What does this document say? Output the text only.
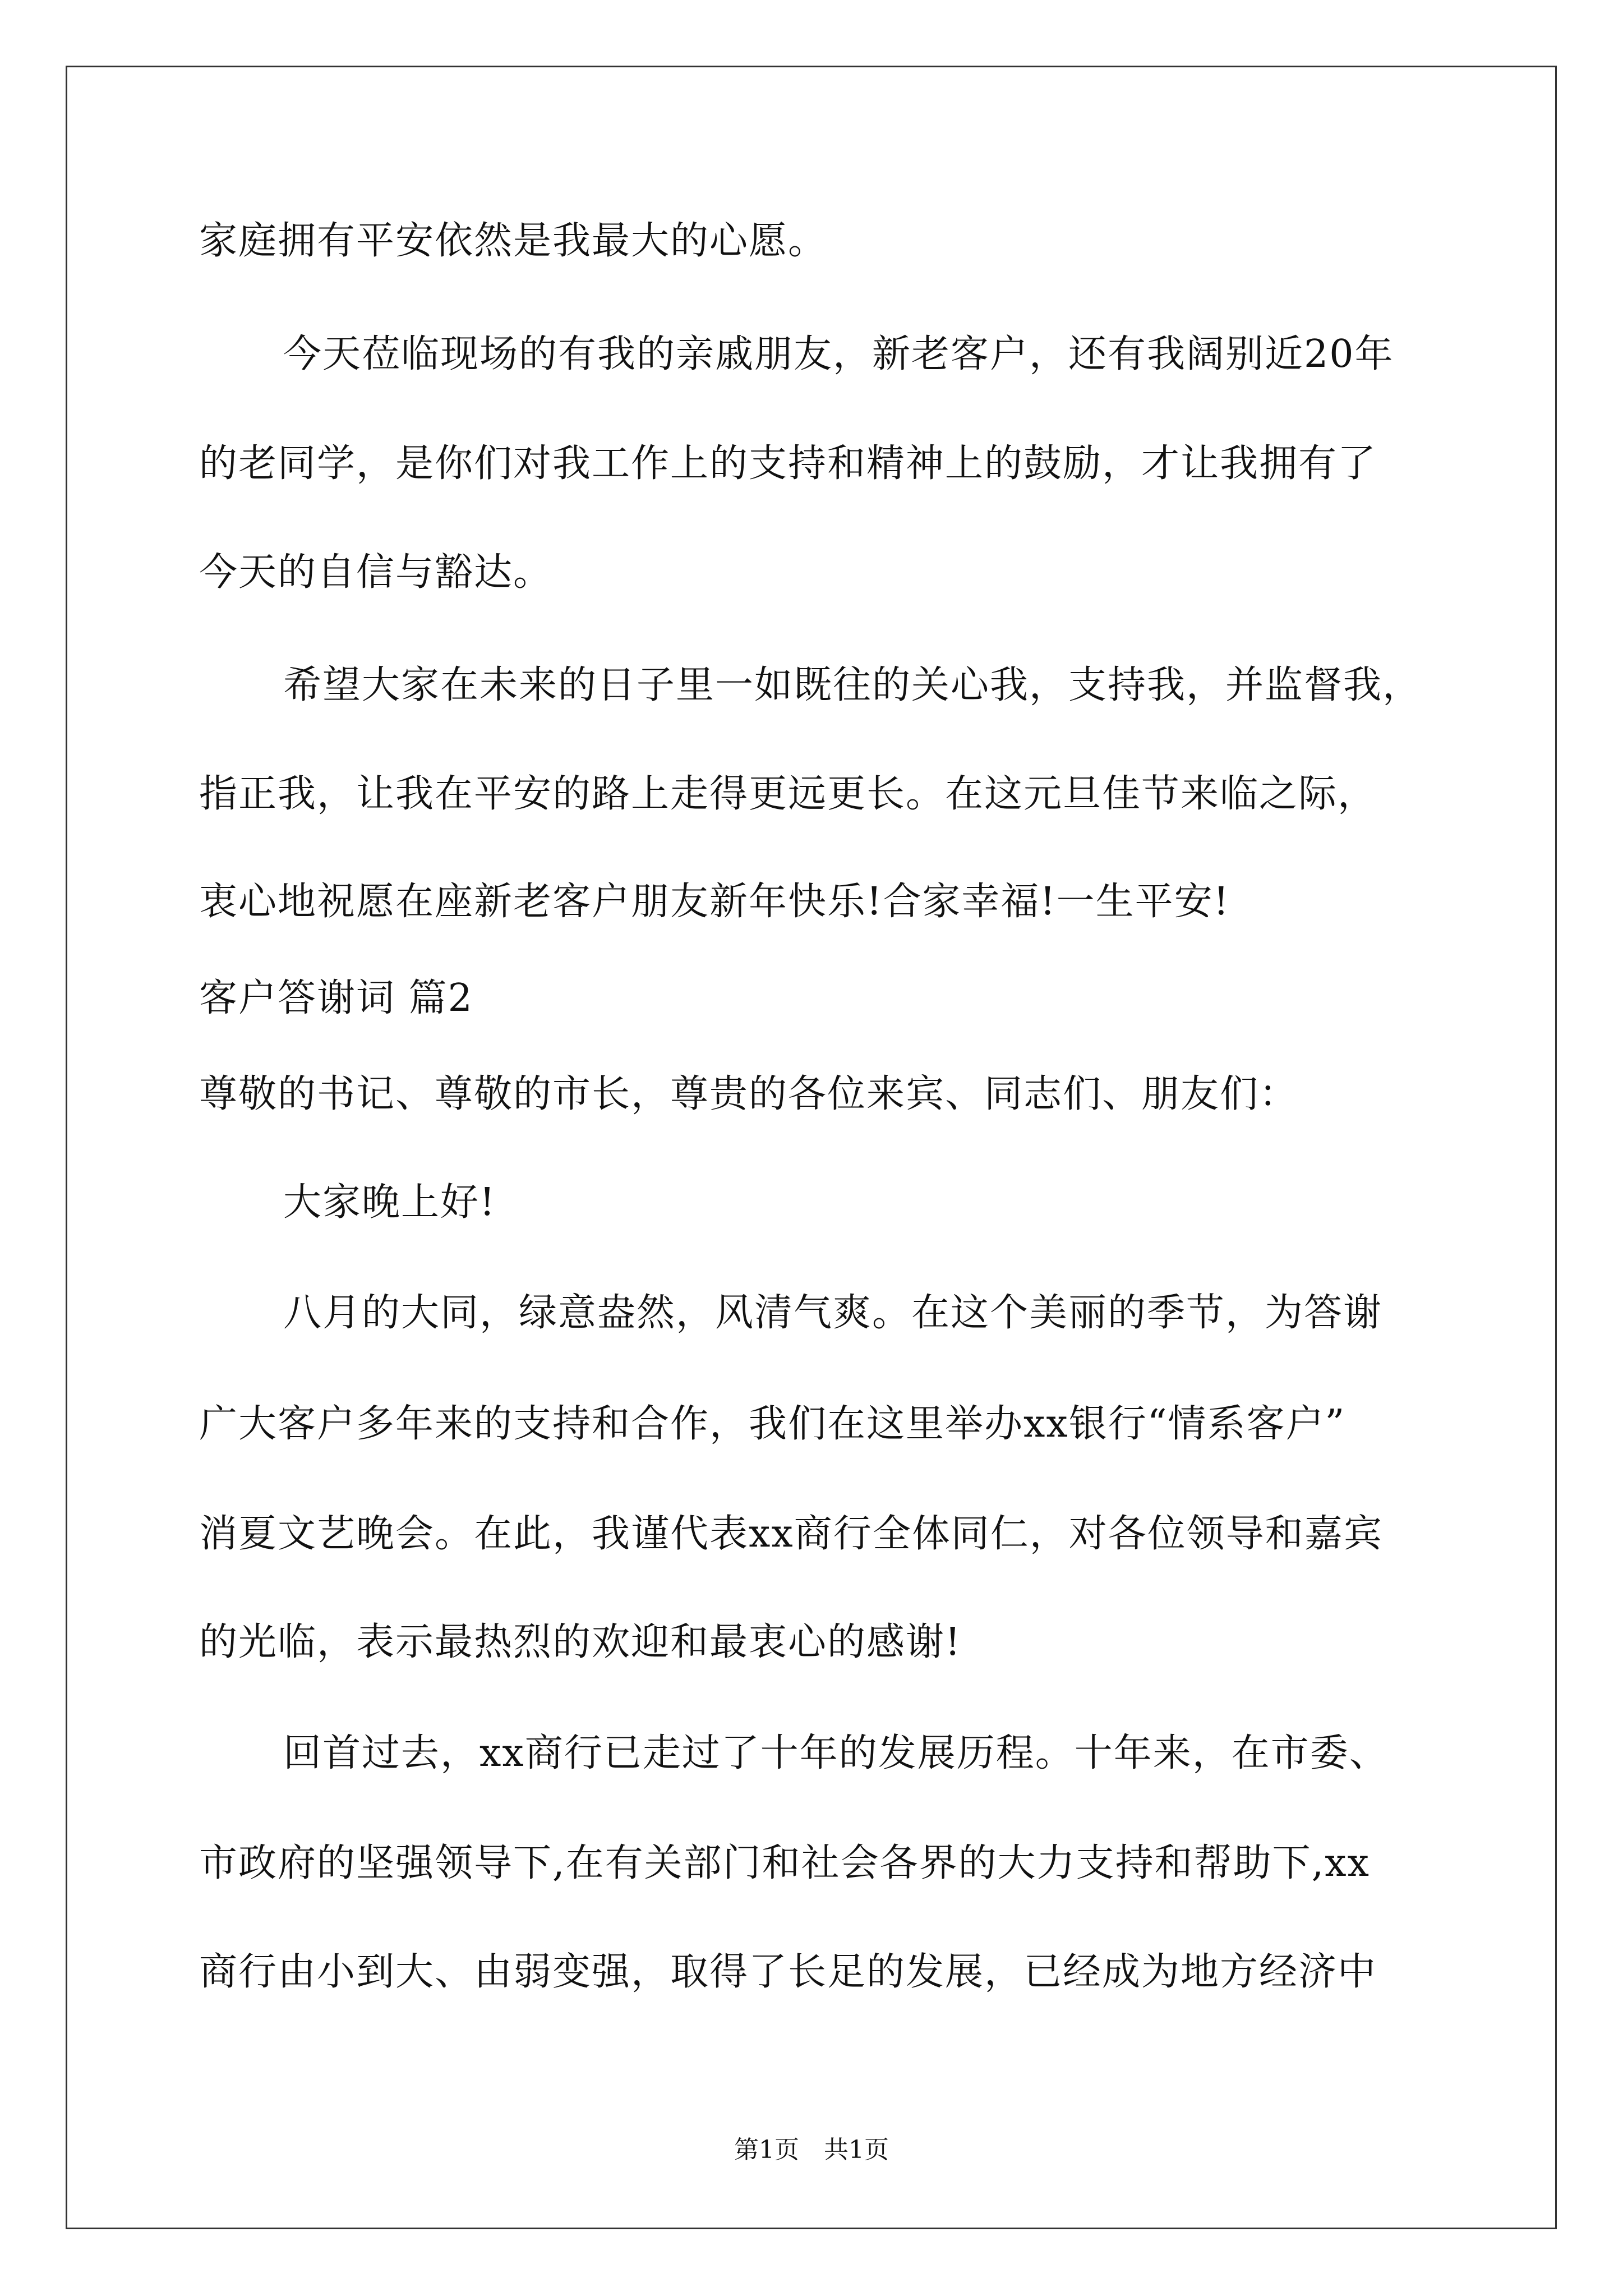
家庭拥有平安依然是我最大的心愿。
今天莅临现场的有我的亲戚朋友，新老客户，还有我阔别近20年
的老同学，是你们对我工作上的支持和精神上的鼓励，才让我拥有了
今天的自信与豁达。
希望大家在未来的日子里一如既往的关心我，支持我，并监督我，
指正我，让我在平安的路上走得更远更长。在这元旦佳节来临之际，
衷心地祝愿在座新老客户朋友新年快乐!合家幸福!一生平安!
客户答谢词 篇2
尊敬的书记、尊敬的市长，尊贵的各位来宾、同志们、朋友们：
大家晚上好!
八月的大同，绿意盎然，风清气爽。在这个美丽的季节，为答谢
广大客户多年来的支持和合作，我们在这里举办xx银行“情系客户”
消夏文艺晚会。在此，我谨代表xx商行全体同仁，对各位领导和嘉宾
的光临，表示最热烈的欢迎和最衷心的感谢!
回首过去，xx商行已走过了十年的发展历程。十年来，在市委、
市政府的坚强领导下,在有关部门和社会各界的大力支持和帮助下,xx
商行由小到大、由弱变强，取得了长足的发展，已经成为地方经济中
第1页 共1页
